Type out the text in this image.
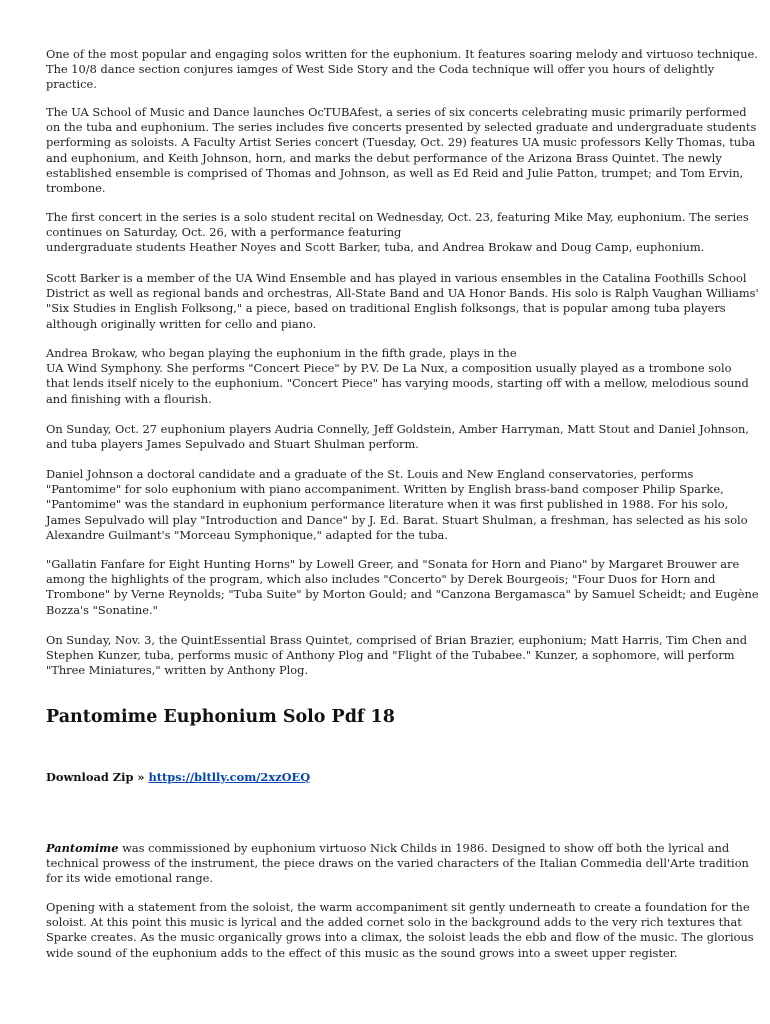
One of the most popular and engaging solos written for the euphonium. It features soaring melody and virtuoso technique.
The 10/8 dance section conjures iamges of West Side Story and the Coda technique will offer you hours of delightly
practice.

The UA School of Music and Dance launches OcTUBAfest, a series of six concerts celebrating music primarily performed
on the tuba and euphonium. The series includes five concerts presented by selected graduate and undergraduate students
performing as soloists. A Faculty Artist Series concert (Tuesday, Oct. 29) features UA music professors Kelly Thomas, tuba
and euphonium, and Keith Johnson, horn, and marks the debut performance of the Arizona Brass Quintet. The newly
established ensemble is comprised of Thomas and Johnson, as well as Ed Reid and Julie Patton, trumpet; and Tom Ervin,
trombone.

The first concert in the series is a solo student recital on Wednesday, Oct. 23, featuring Mike May, euphonium. The series
continues on Saturday, Oct. 26, with a performance featuring
undergraduate students Heather Noyes and Scott Barker, tuba, and Andrea Brokaw and Doug Camp, euphonium.

Scott Barker is a member of the UA Wind Ensemble and has played in various ensembles in the Catalina Foothills School
District as well as regional bands and orchestras, All-State Band and UA Honor Bands. His solo is Ralph Vaughan Williams'
"Six Studies in English Folksong," a piece, based on traditional English folksongs, that is popular among tuba players
although originally written for cello and piano.

Andrea Brokaw, who began playing the euphonium in the fifth grade, plays in the
UA Wind Symphony. She performs "Concert Piece" by P.V. De La Nux, a composition usually played as a trombone solo
that lends itself nicely to the euphonium. "Concert Piece" has varying moods, starting off with a mellow, melodious sound
and finishing with a flourish.

On Sunday, Oct. 27 euphonium players Audria Connelly, Jeff Goldstein, Amber Harryman, Matt Stout and Daniel Johnson,
and tuba players James Sepulvado and Stuart Shulman perform.

Daniel Johnson a doctoral candidate and a graduate of the St. Louis and New England conservatories, performs
"Pantomime" for solo euphonium with piano accompaniment. Written by English brass-band composer Philip Sparke,
"Pantomime" was the standard in euphonium performance literature when it was first published in 1988. For his solo,
James Sepulvado will play "Introduction and Dance" by J. Ed. Barat. Stuart Shulman, a freshman, has selected as his solo
Alexandre Guilmant's "Morceau Symphonique," adapted for the tuba.

"Gallatin Fanfare for Eight Hunting Horns" by Lowell Greer, and "Sonata for Horn and Piano" by Margaret Brouwer are
among the highlights of the program, which also includes "Concerto" by Derek Bourgeois; "Four Duos for Horn and
Trombone" by Verne Reynolds; "Tuba Suite" by Morton Gould; and "Canzona Bergamasca" by Samuel Scheidt; and Eugène
Bozza's "Sonatine."

On Sunday, Nov. 3, the QuintEssential Brass Quintet, comprised of Brian Brazier, euphonium; Matt Harris, Tim Chen and
Stephen Kunzer, tuba, performs music of Anthony Plog and "Flight of the Tubabee." Kunzer, a sophomore, will perform
"Three Miniatures," written by Anthony Plog.

Pantomime Euphonium Solo Pdf 18

Download Zip » https://bltlly.com/2xzOEQ

Pantomime was commissioned by euphonium virtuoso Nick Childs in 1986. Designed to show off both the lyrical and
technical prowess of the instrument, the piece draws on the varied characters of the Italian Commedia dell'Arte tradition
for its wide emotional range.

Opening with a statement from the soloist, the warm accompaniment sit gently underneath to create a foundation for the
soloist. At this point this music is lyrical and the added cornet solo in the background adds to the very rich textures that
Sparke creates. As the music organically grows into a climax, the soloist leads the ebb and flow of the music. The glorious
wide sound of the euphonium adds to the effect of this music as the sound grows into a sweet upper register.
